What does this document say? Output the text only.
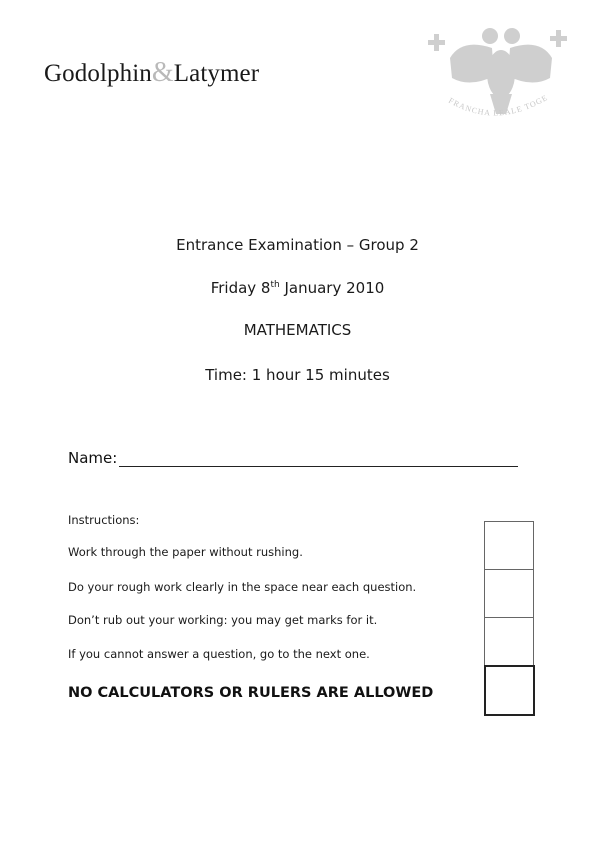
Godolphin&Latymer
FRANCHA LEALE TOGE
Entrance Examination – Group 2
Friday 8th January 2010
MATHEMATICS
Time: 1 hour 15 minutes
Name:
Instructions:
Work through the paper without rushing.
Do your rough work clearly in the space near each question.
Don’t rub out your working: you may get marks for it.
If you cannot answer a question, go to the next one.
NO CALCULATORS OR RULERS ARE ALLOWED
